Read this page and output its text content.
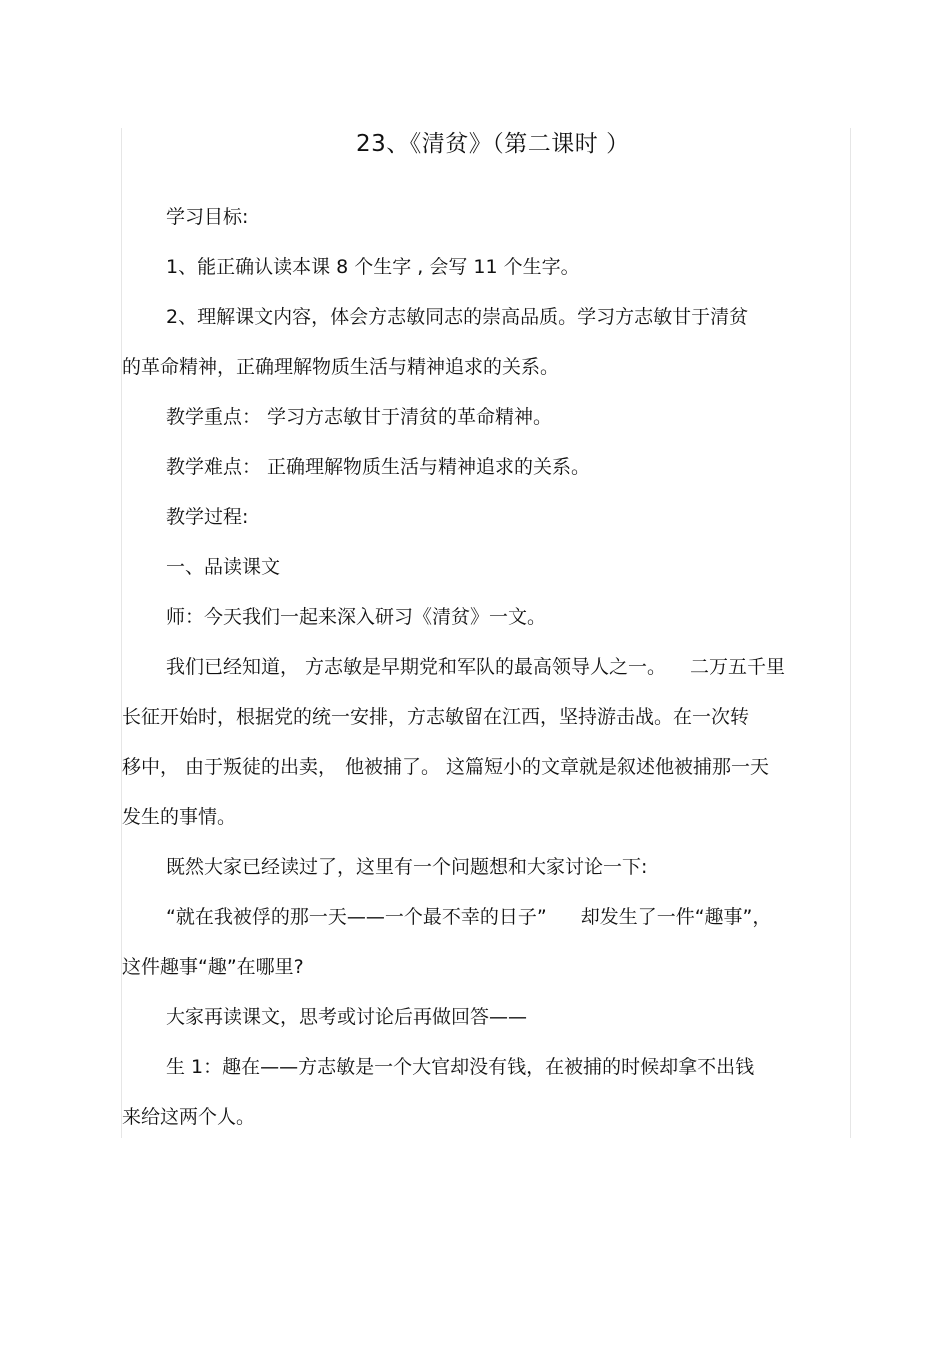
23、《清贫》（第二课时 ）
学习目标:
1、能正确认读本课 8 个生字 , 会写 11 个生字。
2、理解课文内容，体会方志敏同志的崇高品质。学习方志敏甘于清贫
的革命精神，正确理解物质生活与精神追求的关系。
教学重点： 学习方志敏甘于清贫的革命精神。
教学难点： 正确理解物质生活与精神追求的关系。
教学过程:
一、品读课文
师：今天我们一起来深入研习《清贫》一文。
我们已经知道， 方志敏是早期党和军队的最高领导人之一。 二万五千里
长征开始时，根据党的统一安排，方志敏留在江西，坚持游击战。在一次转
移中， 由于叛徒的出卖， 他被捕了。 这篇短小的文章就是叙述他被捕那一天
发生的事情。
既然大家已经读过了，这里有一个问题想和大家讨论一下:
“就在我被俘的那一天——一个最不幸的日子” 却发生了一件“趣事”，
这件趣事“趣”在哪里?
大家再读课文，思考或讨论后再做回答——
生 1：趣在——方志敏是一个大官却没有钱，在被捕的时候却拿不出钱
来给这两个人。
